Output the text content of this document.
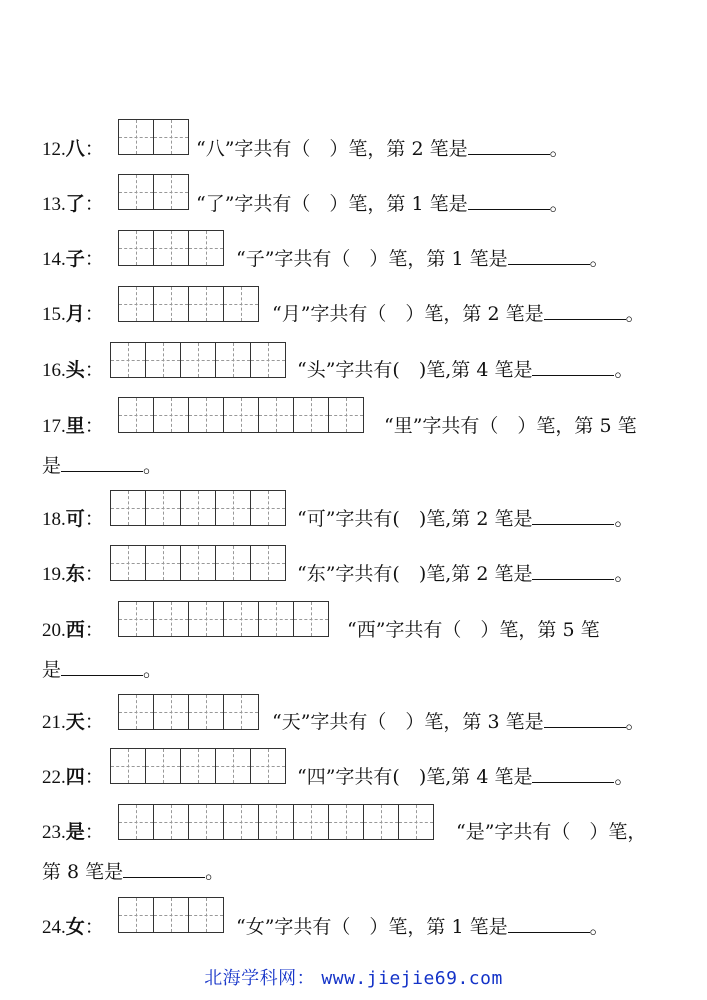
12.八：	“八”字共有（　）笔，第 2 笔是	。
13.了：	“了”字共有（　）笔，第 1 笔是	。
14.子：	“子”字共有（　）笔，第 1 笔是	。
15.月：	“月”字共有（　）笔，第 2 笔是	。
16.头：	“头”字共有(　)笔,第 4 笔是	。
17.里：	“里”字共有（　）笔，第 5 笔
是	。
18.可：	“可”字共有(　)笔,第 2 笔是	。
19.东：	“东”字共有(　)笔,第 2 笔是	。
20.西：	“西”字共有（　）笔，第 5 笔
是	。
21.天：	“天”字共有（　）笔，第 3 笔是	。
22.四：	“四”字共有(　)笔,第 4 笔是	。
23.是：	“是”字共有（　）笔，
第 8 笔是	。
24.女：	“女”字共有（　）笔，第 1 笔是	。
北海学科网： www.jiejie69.com
